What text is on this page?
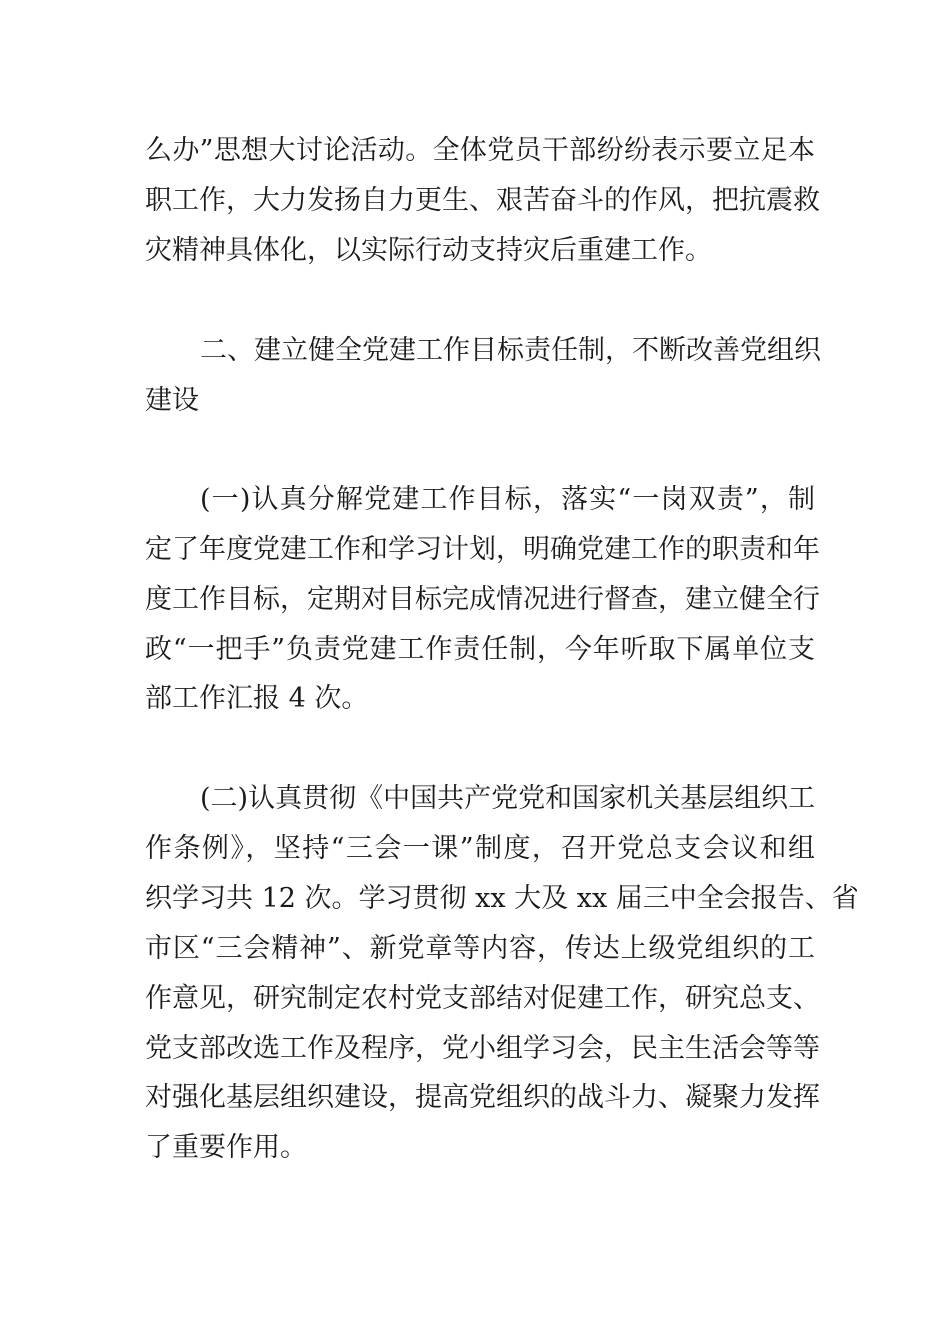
么办”思想大讨论活动。全体党员干部纷纷表示要立足本
职工作，大力发扬自力更生、艰苦奋斗的作风，把抗震救
灾精神具体化，以实际行动支持灾后重建工作。
二、建立健全党建工作目标责任制，不断改善党组织
建设
(一)认真分解党建工作目标，落实“一岗双责”，制
定了年度党建工作和学习计划，明确党建工作的职责和年
度工作目标，定期对目标完成情况进行督查，建立健全行
政“一把手”负责党建工作责任制，今年听取下属单位支
部工作汇报 4 次。
(二)认真贯彻《中国共产党党和国家机关基层组织工
作条例》，坚持“三会一课”制度，召开党总支会议和组
织学习共 12 次。学习贯彻 xx 大及 xx 届三中全会报告、省
市区“三会精神”、新党章等内容，传达上级党组织的工
作意见，研究制定农村党支部结对促建工作，研究总支、
党支部改选工作及程序，党小组学习会，民主生活会等等
对强化基层组织建设，提高党组织的战斗力、凝聚力发挥
了重要作用。
